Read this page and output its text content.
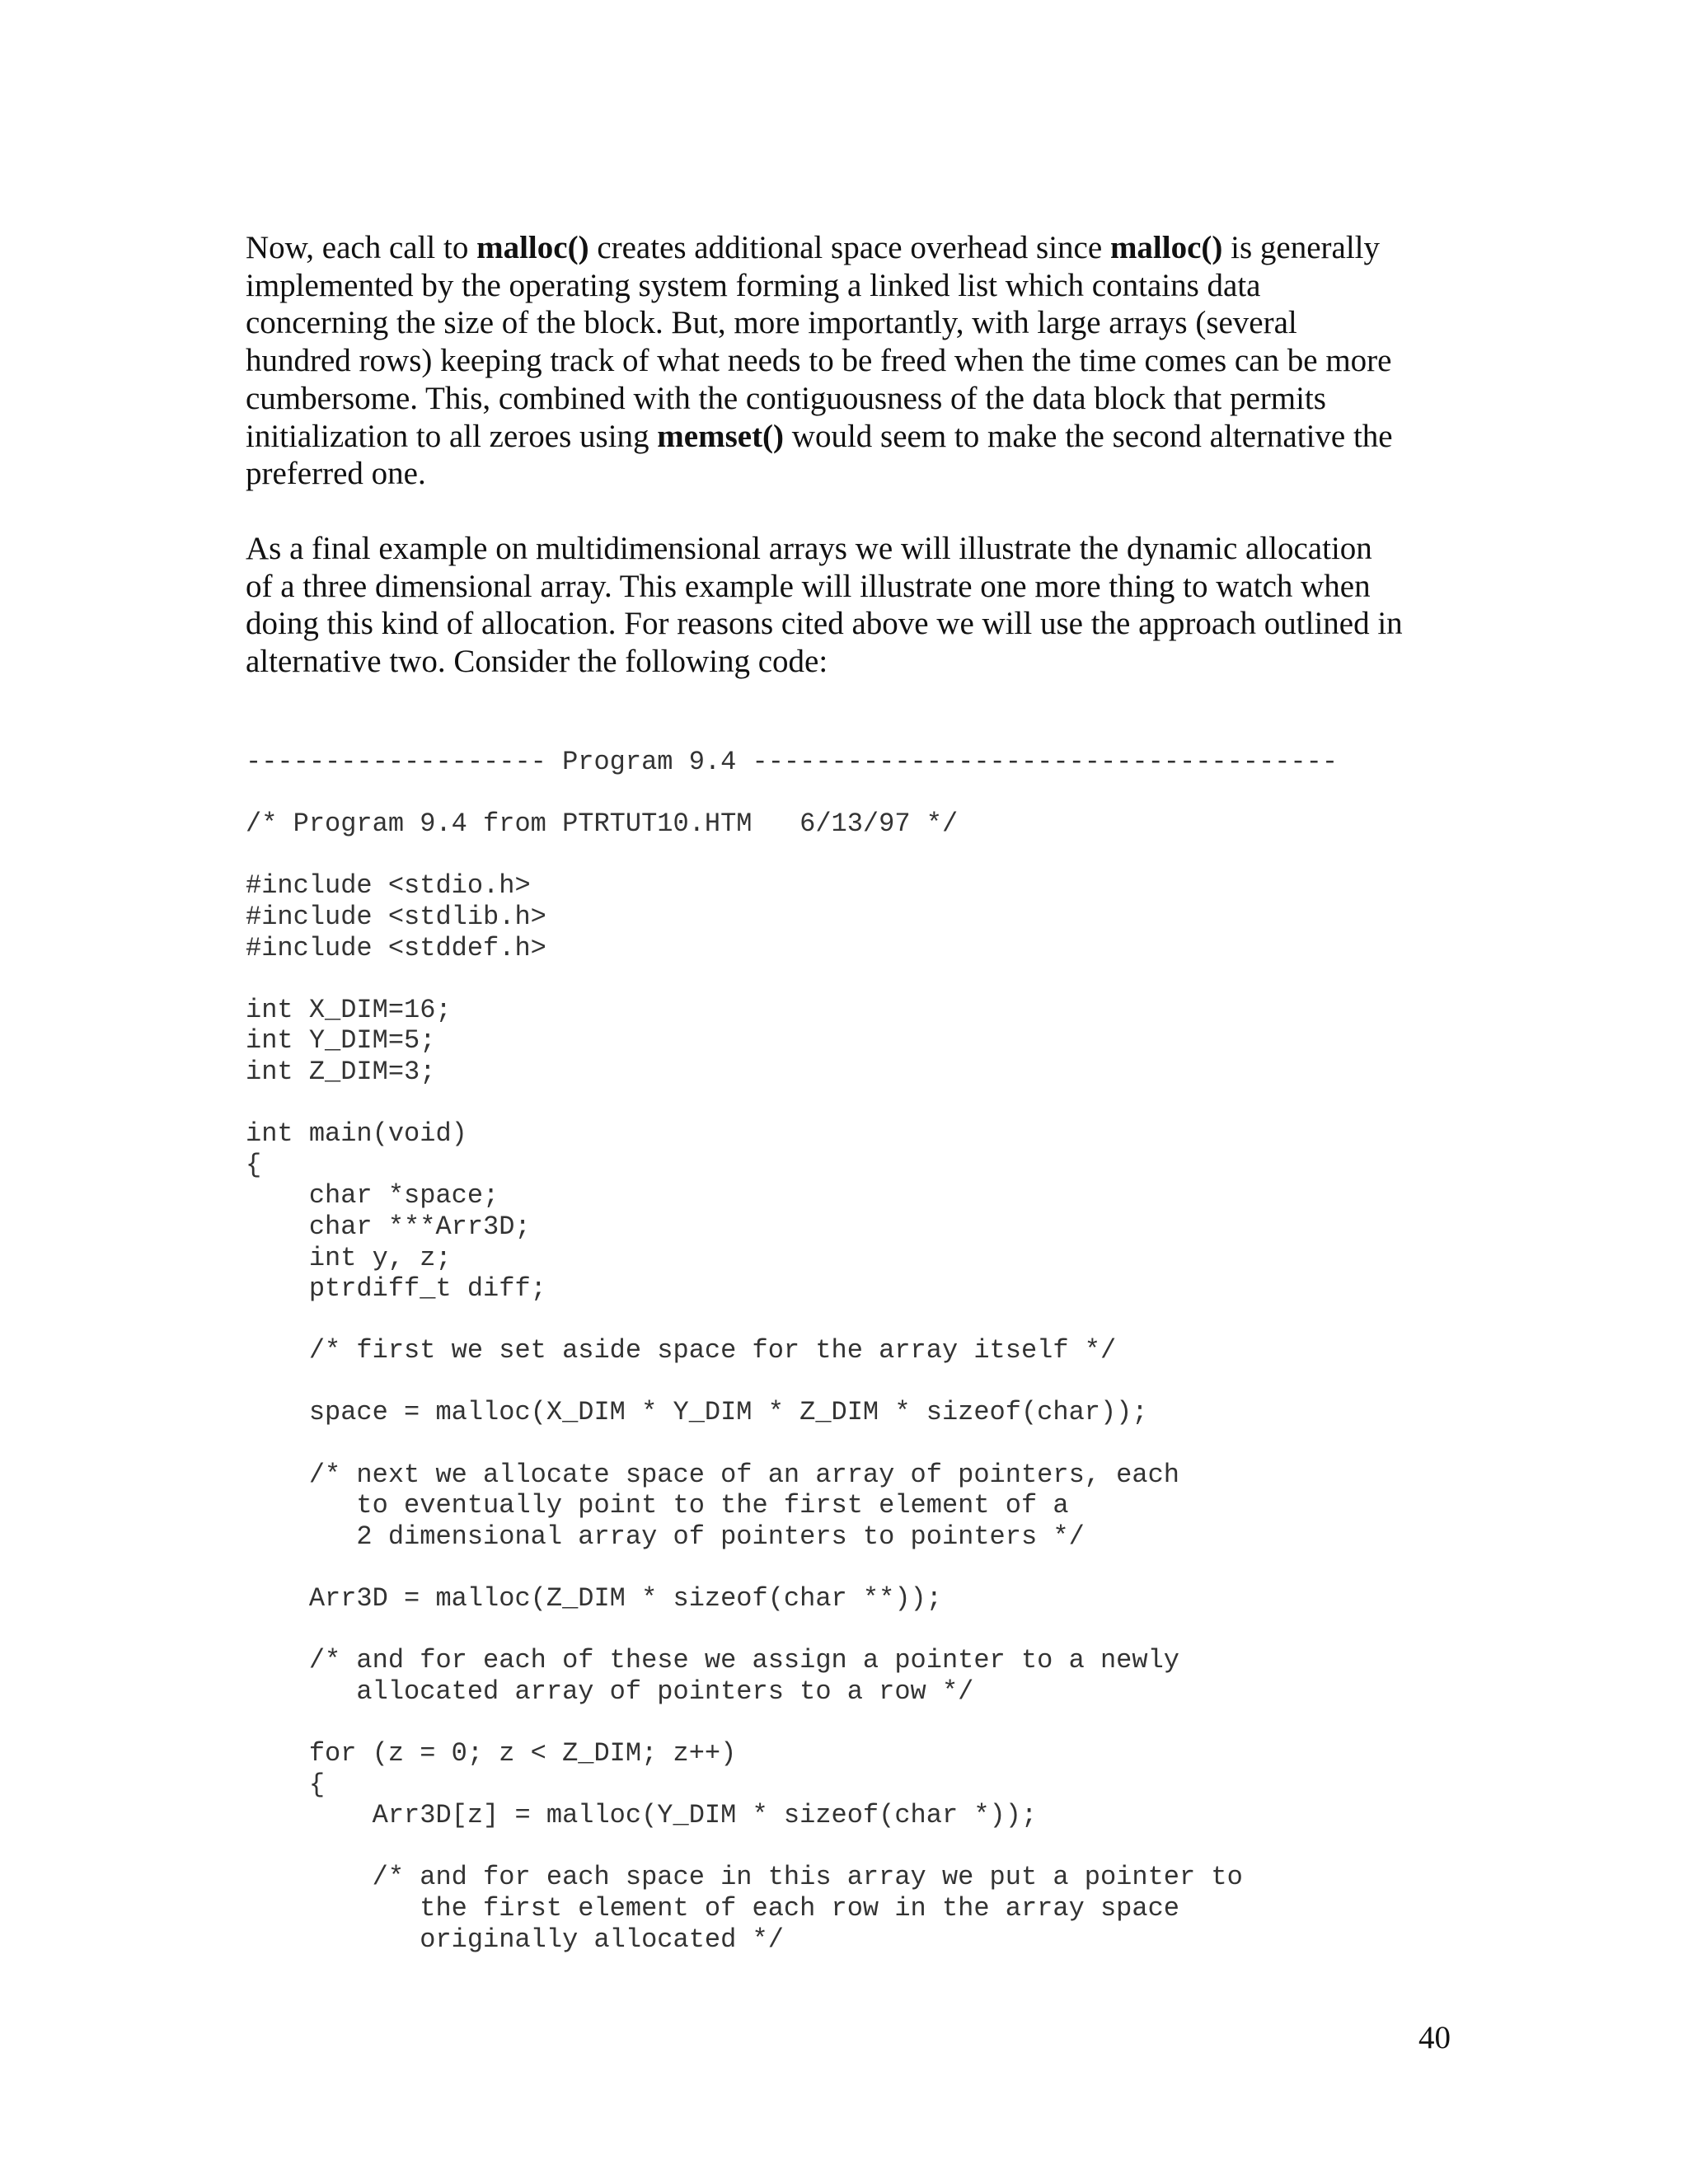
Now, each call to malloc() creates additional space overhead since malloc() is generally
implemented by the operating system forming a linked list which contains data
concerning the size of the block. But, more importantly, with large arrays (several
hundred rows) keeping track of what needs to be freed when the time comes can be more
cumbersome. This, combined with the contiguousness of the data block that permits
initialization to all zeroes using memset() would seem to make the second alternative the
preferred one.

As a final example on multidimensional arrays we will illustrate the dynamic allocation
of a three dimensional array. This example will illustrate one more thing to watch when
doing this kind of allocation. For reasons cited above we will use the approach outlined in
alternative two. Consider the following code:

------------------- Program 9.4 -------------------------------------

/* Program 9.4 from PTRTUT10.HTM   6/13/97 */

#include <stdio.h>
#include <stdlib.h>
#include <stddef.h>

int X_DIM=16;
int Y_DIM=5;
int Z_DIM=3;

int main(void)
{
char *space;
char ***Arr3D;
int y, z;
ptrdiff_t diff;

/* first we set aside space for the array itself */

space = malloc(X_DIM * Y_DIM * Z_DIM * sizeof(char));

/* next we allocate space of an array of pointers, each
to eventually point to the first element of a
2 dimensional array of pointers to pointers */

Arr3D = malloc(Z_DIM * sizeof(char **));

/* and for each of these we assign a pointer to a newly
allocated array of pointers to a row */

for (z = 0; z < Z_DIM; z++)
{
Arr3D[z] = malloc(Y_DIM * sizeof(char *));

/* and for each space in this array we put a pointer to
the first element of each row in the array space
originally allocated */
40
